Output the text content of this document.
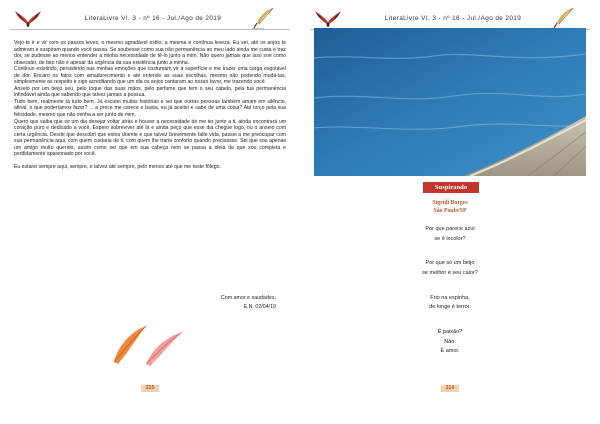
LiteraLivre VI. 3 - nº 16 - Jul./Ago de 2019

Vejo-te ir e vir com os passos leves, o mesmo agradável estilo, a mesma e contínua leveza. Eu sei, até os anjos te admiram e suspiram quando você passa. Se soubesse como sua não permanência ao meu lado ainda me custa e traz dor, se pudesse ao menos entender a minha necessidade de tê-lo junto a mim. Não quero jamais que isso soe como obsessão, de fato não é apesar da urgência da sua existência junto a minha.

Continuo existindo, persistindo nas minhas emoções que costumam vir à superfície e me trazer uma carga esgotável de dor. Encaro os fatos com amadurecimento e até entendo as suas escolhas, mesmo não podendo mudá-las, simplesmente as respeito e sigo acreditando que um dia os anjos cantaram ao nosso favor, me trazendo você.

Anseio por um beijo seu, pelo toque das suas mãos, pelo perfume que tem o seu cabelo, pela tua permanência infindável ainda que sabendo que talvez jamais a possua.

Tudo bem, realmente tá tudo bem. Já escutei muitas histórias e sei que outras pessoas também amam em silêncio, afinal, o que poderíamos fazer? ... a prece me carece e basta, eu já aceitei e sabe de uma coisa? Até torço pela sua felicidade, mesmo que não venha a ser junto de mim.

Quero que saiba que se um dia desejar voltar atrás e houver a necessidade de me ter junto a ti, ainda encontrará um coração puro e dedicado a você. Espero sobreviver até lá e ainda peço que esse dia chegue logo, ou o anseio com certa urgência. Desde que descobri que estou doente e que talvez brevemente falte vida, passei a me preocupar com sua permanência aqui, com quem cuidaria de ti, com quem lhe traria conforto quando precisasse. Sei que sou apenas um amigo muito querido, assim como sei que em sua cabeça nem se passa a ideia de que sou completa e perdidamente apaixonado por você.

Eu estarei sempre aqui, sempre, e talvez até sempre, pelo menos até que me reste fôlego.

Com amor e saudades,
E.N. 02/04/19
315
LiteraLivre VI. 3 - nº 16 - Jul./Ago de 2019
Suspirando
Sigridi Borges
São Paulo/SP

Por que parece azul

se é incolor?

Por que só um beijo

se melhor é seu calor?

Frio na espinha,

de longe é terror.

É paixão?

Não.

É amor.

316
